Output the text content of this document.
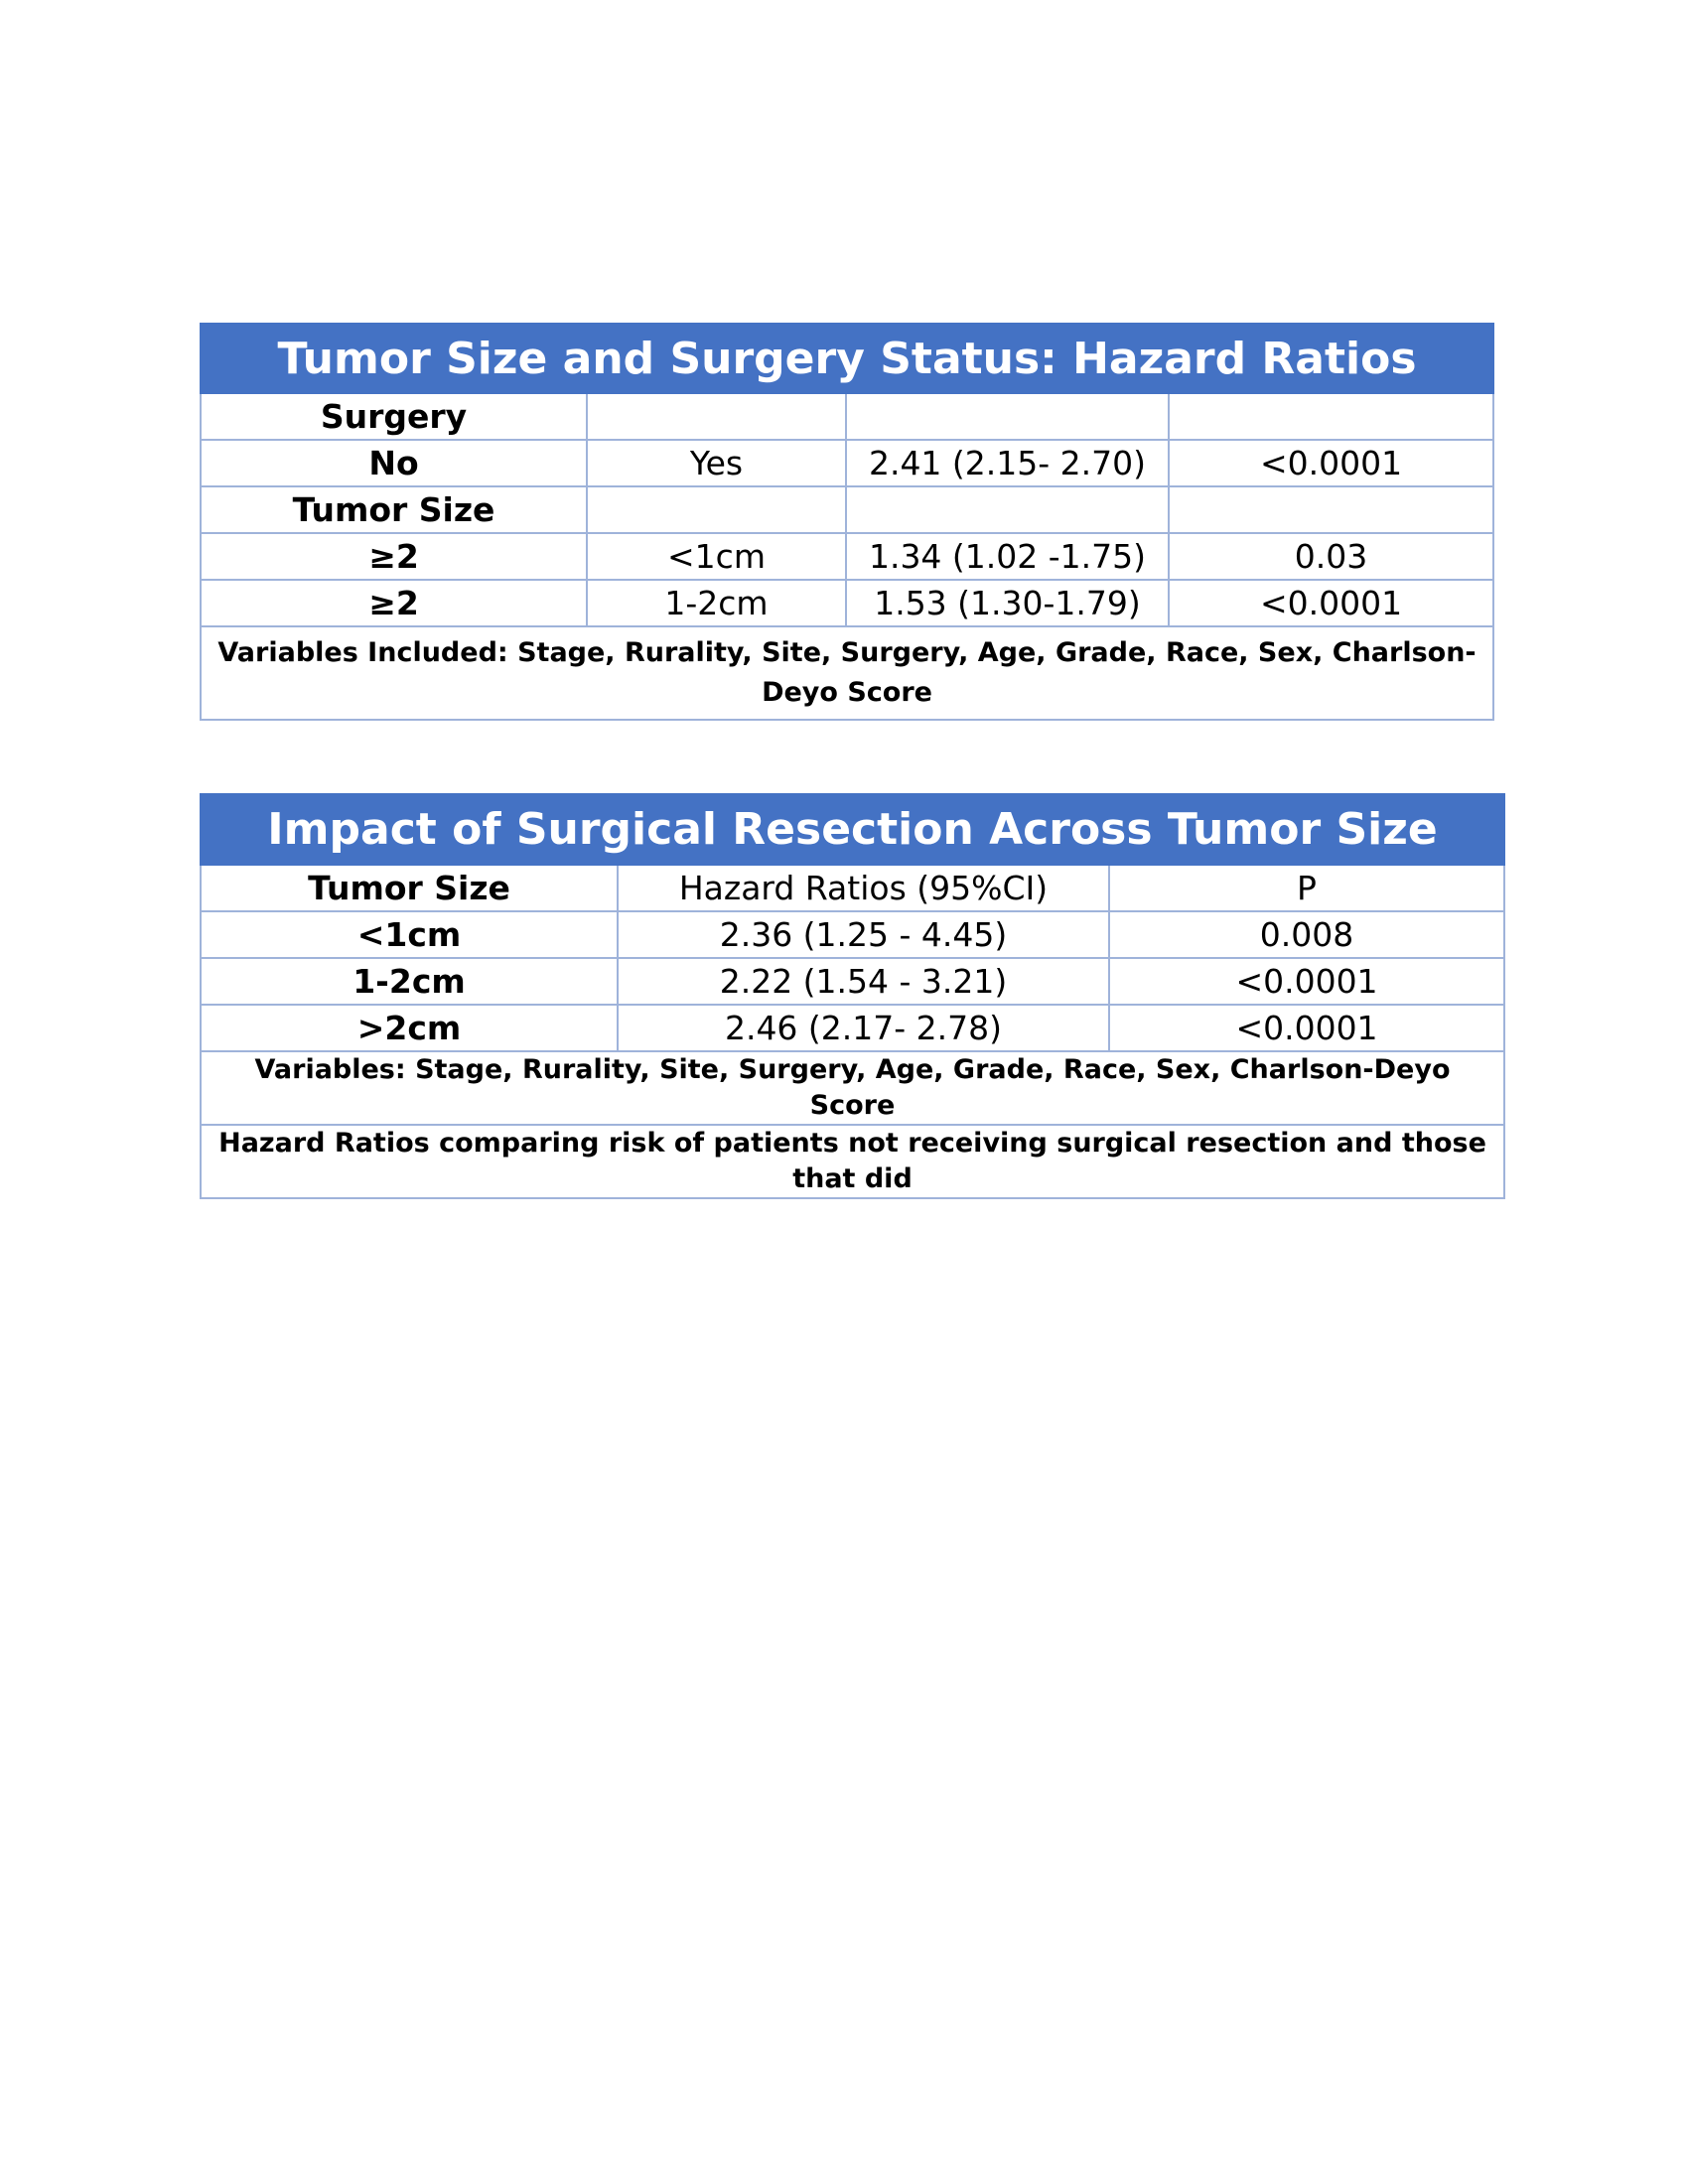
Tumor Size and Surgery Status: Hazard Ratios			
Surgery			
No	Yes	2.41 (2.15- 2.70)	<0.0001
Tumor Size			
≥2	<1cm	1.34 (1.02 -1.75)	0.03
≥2	1-2cm	1.53 (1.30-1.79)	<0.0001
Variables Included: Stage, Rurality, Site, Surgery, Age, Grade, Race, Sex, Charlson-Deyo Score			
Impact of Surgical Resection Across Tumor Size		
Tumor Size	Hazard Ratios (95%CI)	P
<1cm	2.36 (1.25 - 4.45)	0.008
1-2cm	2.22 (1.54 - 3.21)	<0.0001
>2cm	2.46 (2.17- 2.78)	<0.0001
Variables: Stage, Rurality, Site, Surgery, Age, Grade, Race, Sex, Charlson-Deyo Score		
Hazard Ratios comparing risk of patients not receiving surgical resection and those that did		
